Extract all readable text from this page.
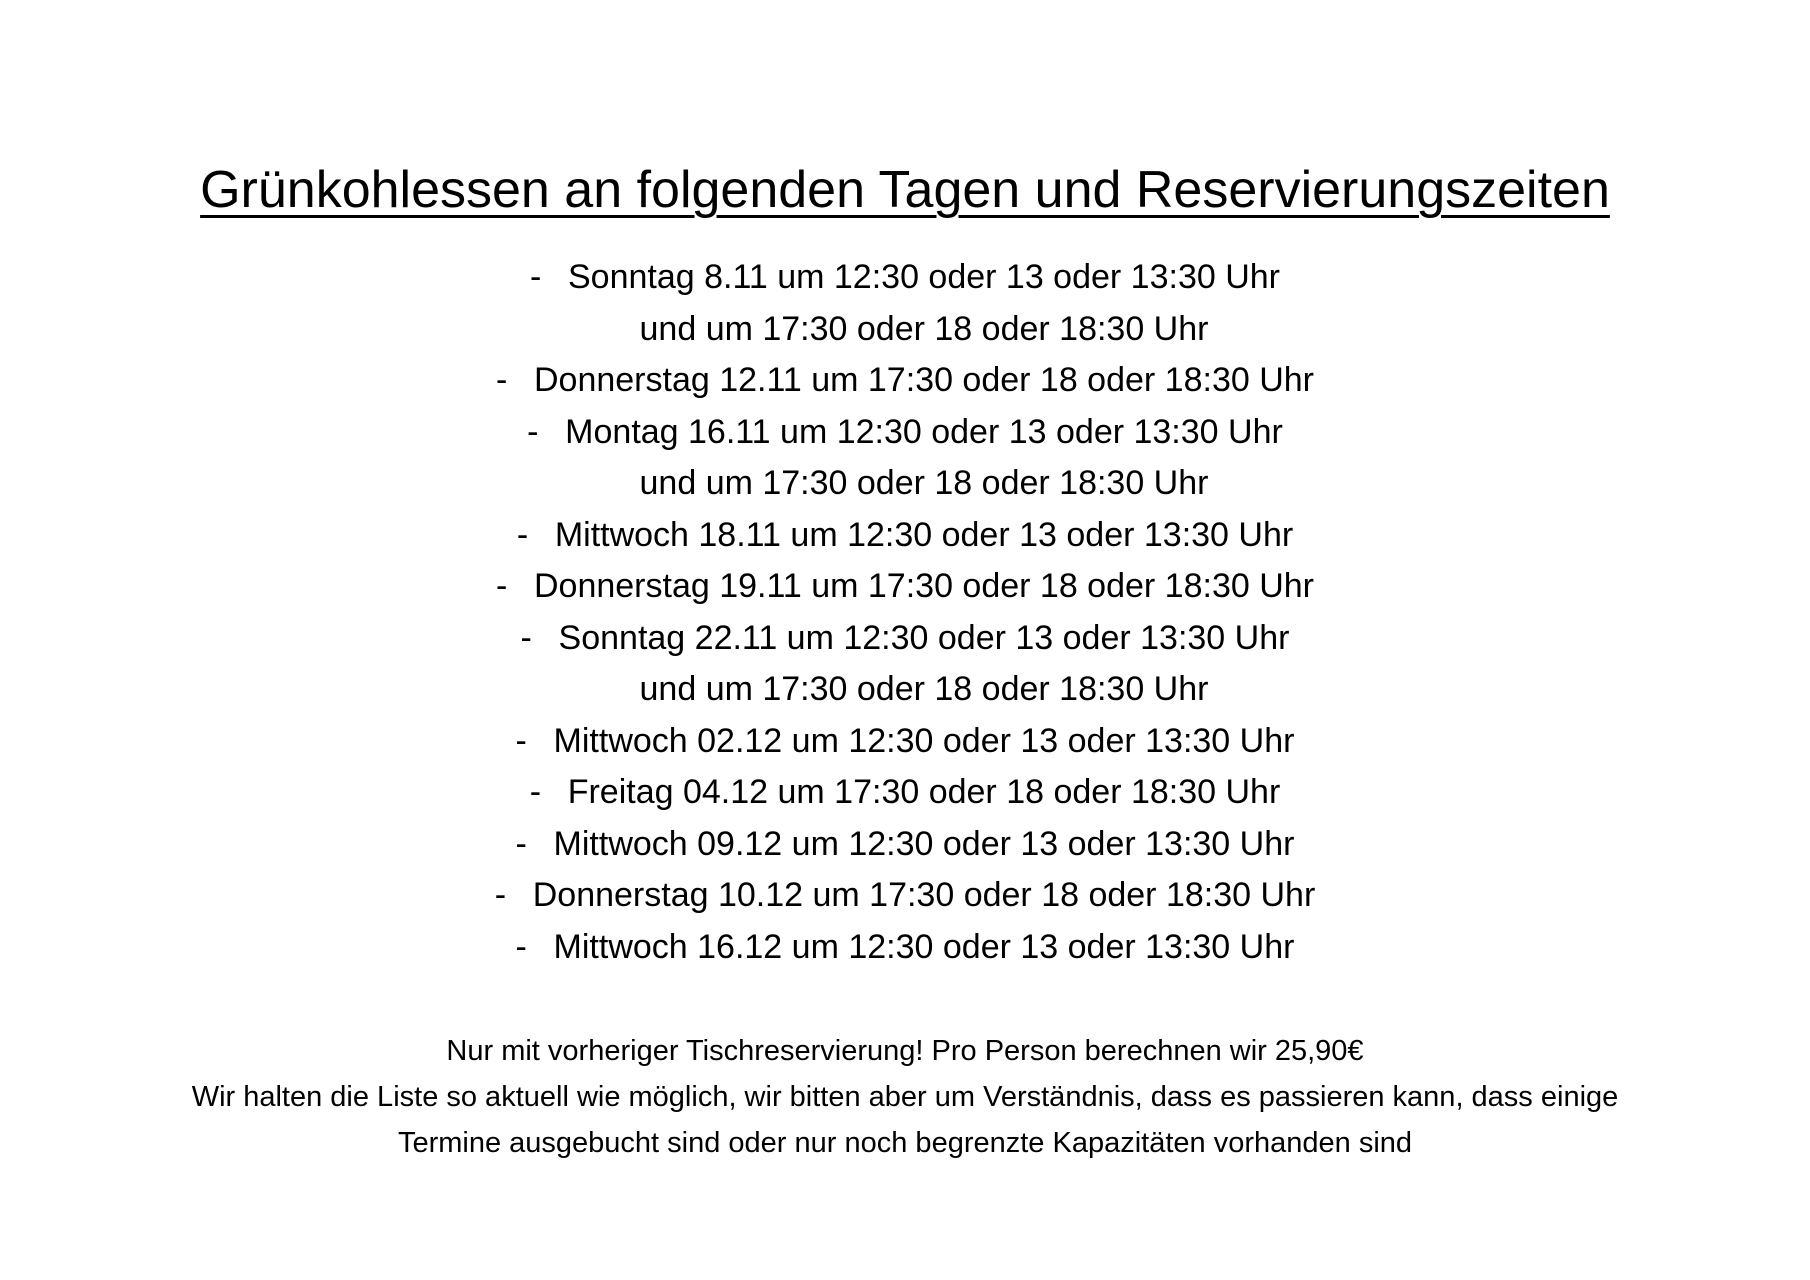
Grünkohlessen an folgenden Tagen und Reservierungszeiten
- Sonntag 8.11 um 12:30 oder 13 oder 13:30 Uhr
und um 17:30 oder 18 oder 18:30 Uhr
- Donnerstag 12.11 um 17:30 oder 18 oder 18:30 Uhr
- Montag 16.11 um 12:30 oder 13 oder 13:30 Uhr
und um 17:30 oder 18 oder 18:30 Uhr
- Mittwoch 18.11 um 12:30 oder 13 oder 13:30 Uhr
- Donnerstag 19.11 um 17:30 oder 18 oder 18:30 Uhr
- Sonntag 22.11 um 12:30 oder 13 oder 13:30 Uhr
und um 17:30 oder 18 oder 18:30 Uhr
- Mittwoch 02.12 um 12:30 oder 13 oder 13:30 Uhr
- Freitag 04.12 um 17:30 oder 18 oder 18:30 Uhr
- Mittwoch 09.12 um 12:30 oder 13 oder 13:30 Uhr
- Donnerstag 10.12 um 17:30 oder 18 oder 18:30 Uhr
- Mittwoch 16.12 um 12:30 oder 13 oder 13:30 Uhr
Nur mit vorheriger Tischreservierung! Pro Person berechnen wir 25,90€
Wir halten die Liste so aktuell wie möglich, wir bitten aber um Verständnis, dass es passieren kann, dass einige
Termine ausgebucht sind oder nur noch begrenzte Kapazitäten vorhanden sind
